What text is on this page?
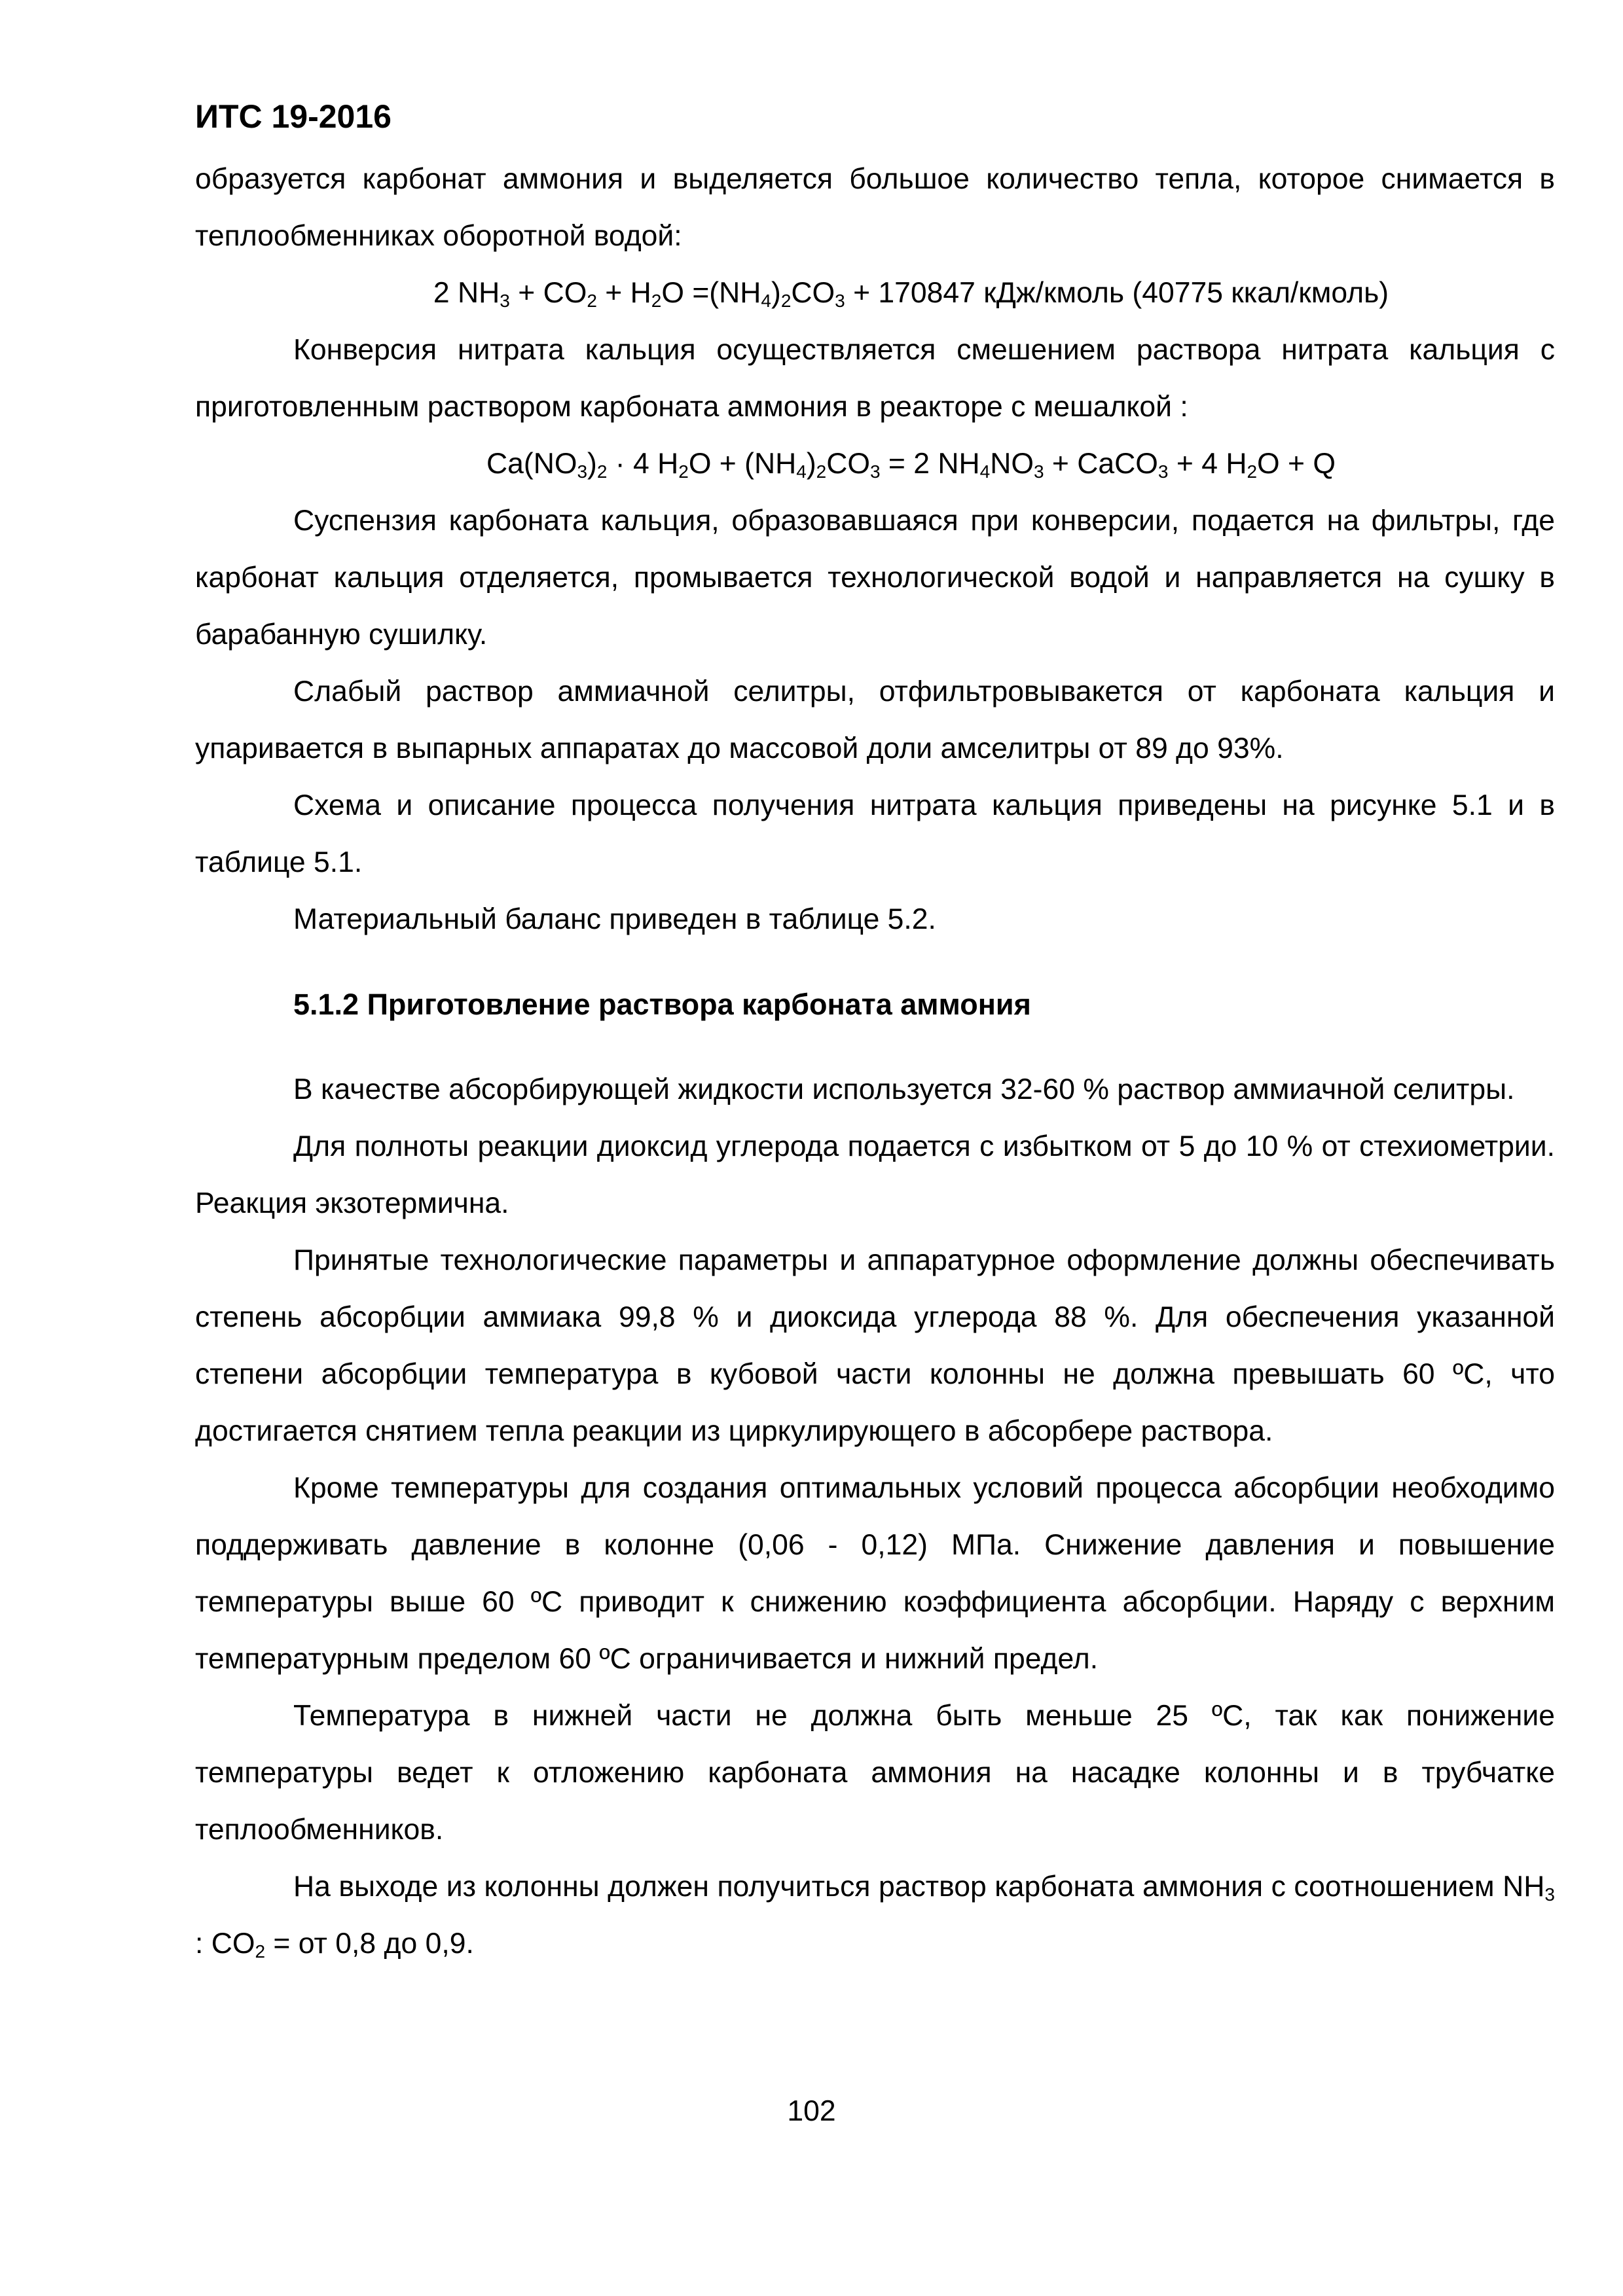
ИТС 19-2016

образуется карбонат аммония и выделяется большое количество тепла, которое снимается в теплообменниках оборотной водой:

2 $NH_3 + CO_2 + H_2O =(NH_4)_2CO_3 + 170847$ кДж/кмоль (40775 ккал/кмоль)

Конверсия нитрата кальция осуществляется смешением раствора нитрата кальция с приготовленным раствором карбоната аммония в реакторе с мешалкой :

$Ca(NO_3)_2 \cdot 4$ $H_2O + (NH_4)_2CO_3 = 2$ $NH_4NO_3$ + CaCO$_3$ + 4 $H_2O + Q$

Суспензия карбоната кальция, образовавшаяся при конверсии, подается на фильтры, где карбонат кальция отделяется, промывается технологической водой и направляется на сушку в барабанную сушилку.

Слабый раствор аммиачной селитры, отфильтровывакется от карбоната кальция и упаривается в выпарных аппаратах до массовой доли амселитры от 89 до 93%.

Схема и описание процесса получения нитрата кальция приведены на рисунке 5.1 и в таблице 5.1.

Материальный баланс приведен в таблице 5.2.

5.1.2 Приготовление раствора карбоната аммония

В качестве абсорбирующей жидкости используется 32-60 % раствор аммиачной селитры.

Для полноты реакции диоксид углерода подается с избытком от 5 до 10 % от стехиометрии. Реакция экзотермична.

Принятые технологические параметры и аппаратурное оформление должны обеспечивать степень абсорбции аммиака 99,8 % и диоксида углерода 88 %. Для обеспечения указанной степени абсорбции температура в кубовой части колонны не должна превышать 60 ºС, что достигается снятием тепла реакции из циркулирующего в абсорбере раствора.

Кроме температуры для создания оптимальных условий процесса абсорбции необходимо поддерживать давление в колонне (0,06 - 0,12) МПа. Снижение давления и повышение температуры выше 60 ºС приводит к снижению коэффициента абсорбции. Наряду с верхним температурным пределом 60 ºС ограничивается и нижний предел.

Температура в нижней части не должна быть меньше 25 ºС, так как понижение температуры ведет к отложению карбоната аммония на насадке колонны и в трубчатке теплообменников.

На выходе из колонны должен получиться раствор карбоната аммония с соотношением $NH_3$ : $CO_2$ = от 0,8 до 0,9.

102
